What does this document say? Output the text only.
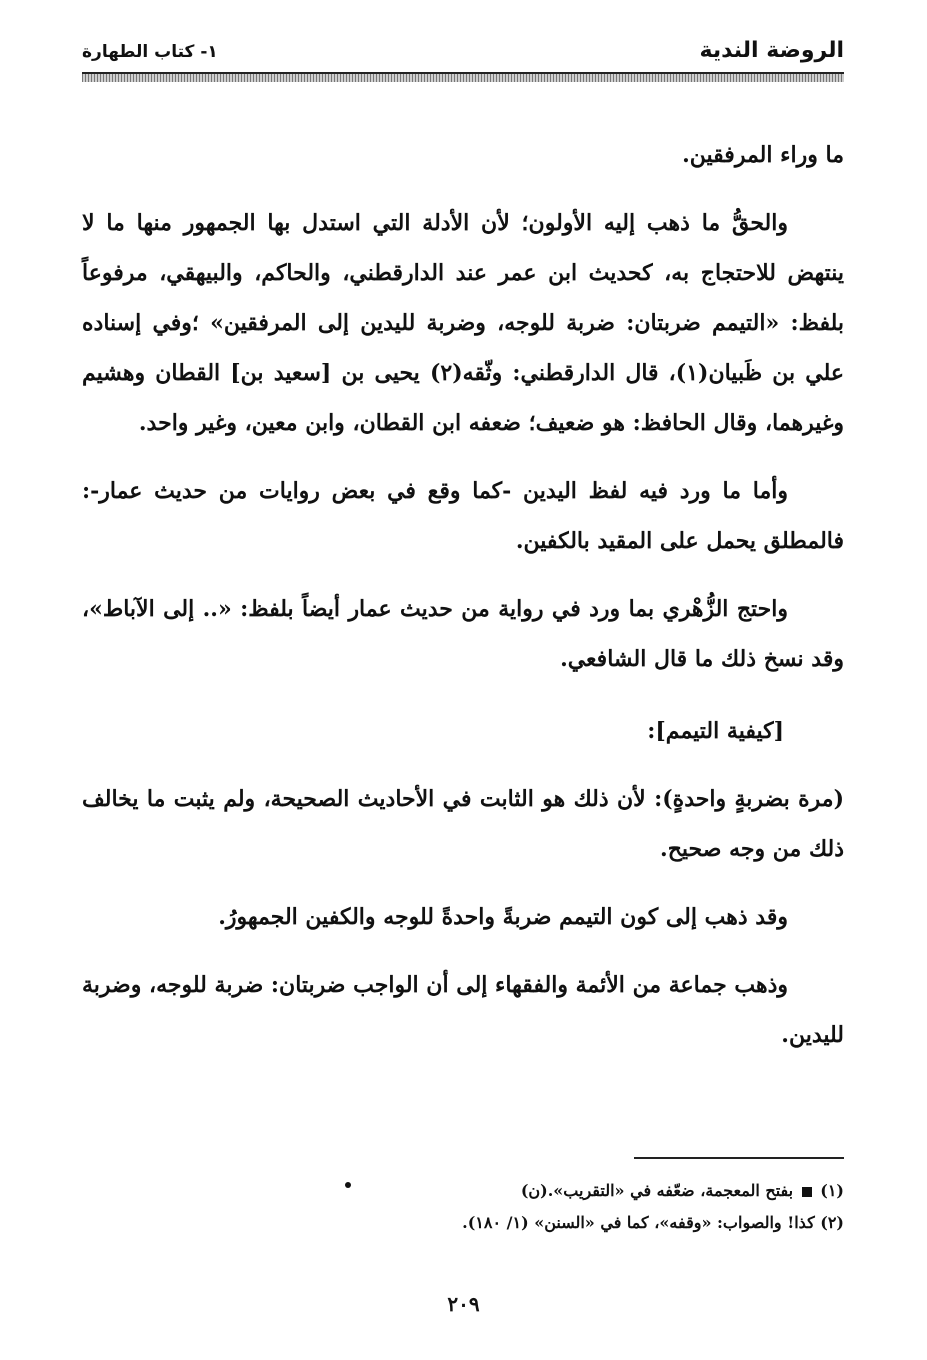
الروضة الندية
١- كتاب الطهارة

ما وراء المرفقين.

والحقُّ ما ذهب إليه الأولون؛ لأن الأدلة التي استدل بها الجمهور منها ما لا ينتهض للاحتجاج به، كحديث ابن عمر عند الدارقطني، والحاكم، والبيهقي، مرفوعاً بلفظ: «التيمم ضربتان: ضربة للوجه، وضربة لليدين إلى المرفقين» ؛وفي إسناده علي بن ظَبيان(١)، قال الدارقطني: وثّقه(٢) يحيى بن [سعيد بن] القطان وهشيم وغيرهما، وقال الحافظ: هو ضعيف؛ ضعفه ابن القطان، وابن معين، وغير واحد.

وأما ما ورد فيه لفظ اليدين -كما وقع في بعض روايات من حديث عمار-: فالمطلق يحمل على المقيد بالكفين.

واحتج الزُّهْري بما ورد في رواية من حديث عمار أيضاً بلفظ: «.. إلى الآباط»، وقد نسخ ذلك ما قال الشافعي.

[كيفية التيمم]:

(مرة بضربةٍ واحدةٍ): لأن ذلك هو الثابت في الأحاديث الصحيحة، ولم يثبت ما يخالف ذلك من وجه صحيح.

وقد ذهب إلى كون التيمم ضربةً واحدةً للوجه والكفين الجمهورُ.

وذهب جماعة من الأئمة والفقهاء إلى أن الواجب ضربتان: ضربة للوجه، وضربة لليدين.

(١)  بفتح المعجمة، ضعّفه في «التقريب».(ن)

(٢) كذا! والصواب: «وقفه»، كما في «السنن» (١/ ١٨٠).

٢٠٩
